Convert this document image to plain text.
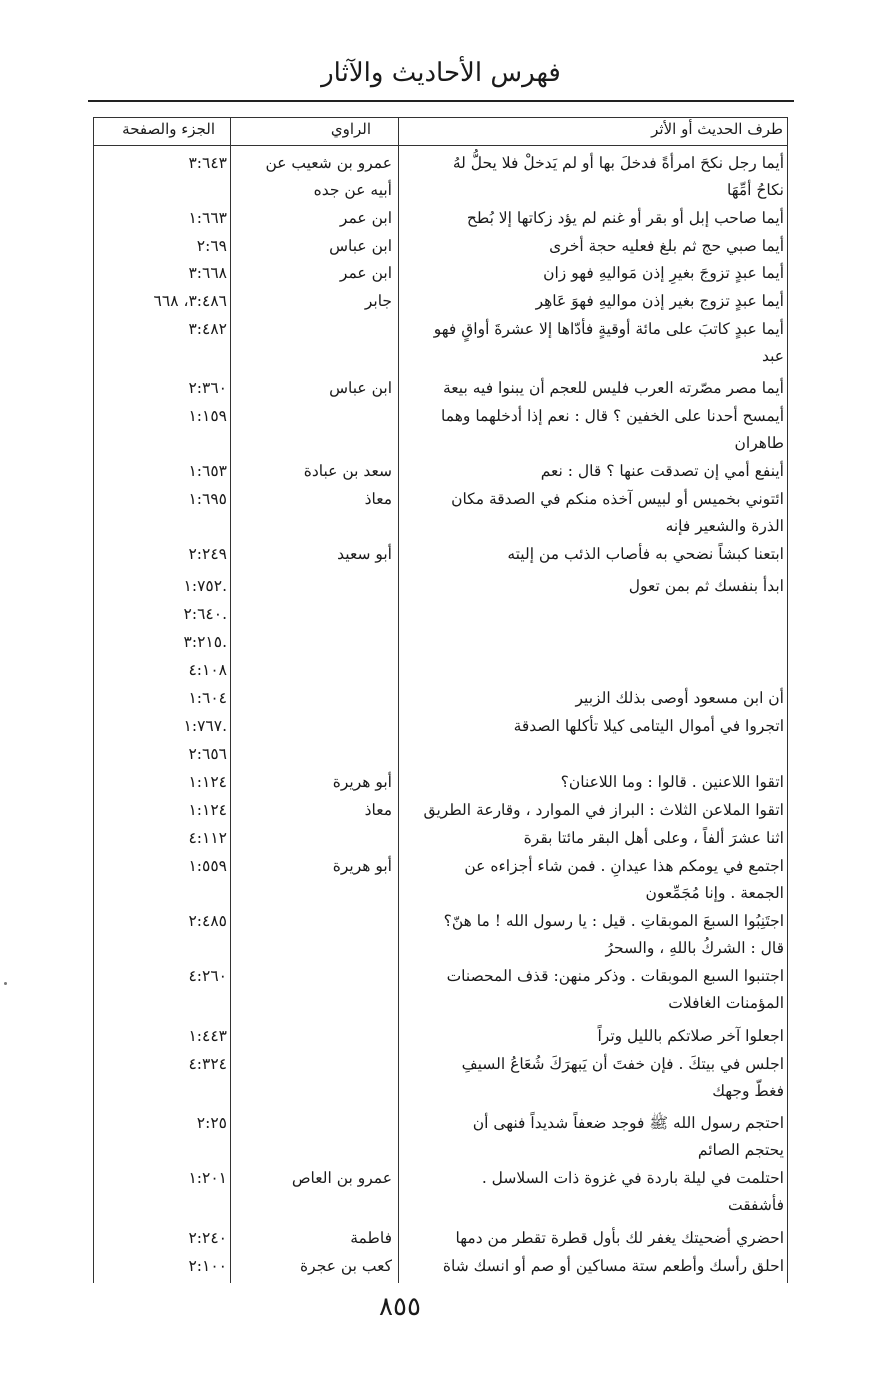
فهرس الأحاديث والآثار
طرف الحديث أو الأثر
الراوي
الجزء والصفحة
أيما رجل نكحَ امرأةً فدخلَ بها أو لم يَدخلْ فلا يحلُّ لهُ
نكاحُ أمِّهَا
عمرو بن شعيب عن
أبيه عن جده
٣:٦٤٣
أيما صاحب إبل أو بقر أو غنم لم يؤد زكاتها إلا بُطح
ابن عمر
١:٦٦٣
أيما صبي حج ثم بلغ فعليه حجة أخرى
ابن عباس
٢:٦٩
أيما عبدٍ تزوجَ بغيرِ إذن مَواليهِ فهو زان
ابن عمر
٣:٦٦٨
أيما عبدٍ تزوج بغير إذن مواليهِ فهوَ عَاهِر
جابر
٣:٤٨٦، ٦٦٨
أيما عبدٍ كاتبَ على مائة أوقيةٍ فأدّاها إلا عشرةَ أواقٍ فهو
عبد
٣:٤٨٢
أيما مصر مصّرته العرب فليس للعجم أن يبنوا فيه بيعة
ابن عباس
٢:٣٦٠
أيمسح أحدنا على الخفين ؟ قال : نعم إذا أدخلهما وهما
طاهران
١:١٥٩
أينفع أمي إن تصدقت عنها ؟ قال : نعم
سعد بن عبادة
١:٦٥٣
ائتوني بخميس أو لبيس آخذه منكم في الصدقة مكان
الذرة والشعير فإنه
معاذ
١:٦٩٥
ابتعنا كبشاً نضحي به فأصاب الذئب من إليته
أبو سعيد
٢:٢٤٩
ابدأ بنفسك ثم بمن تعول
١:٧٥٢.
٢:٦٤٠.
٣:٢١٥.
٤:١٠٨
أن ابن مسعود أوصى بذلك الزبير
١:٦٠٤
اتجروا في أموال اليتامى كيلا تأكلها الصدقة
١:٧٦٧.
٢:٦٥٦
اتقوا اللاعنين . قالوا : وما اللاعنان؟
أبو هريرة
١:١٢٤
اتقوا الملاعن الثلاث : البراز في الموارد ، وقارعة الطريق
معاذ
١:١٢٤
اثنا عشرَ ألفاً ، وعلى أهل البقر مائتا بقرة
٤:١١٢
اجتمع في يومكم هذا عيدانِ . فمن شاء أجزاءه عن
الجمعة . وإنا مُجَمِّعون
أبو هريرة
١:٥٥٩
اجتَنِبُوا السبعَ الموبقاتِ . قيل : يا رسول الله ! ما هنّ؟
قال : الشركُ باللهِ ، والسحرُ
٢:٤٨٥
اجتنبوا السبع الموبقات . وذكر منهن: قذف المحصنات
المؤمنات الغافلات
٤:٢٦٠
اجعلوا آخر صلاتكم بالليل وتراً
١:٤٤٣
اجلس في بيتكَ . فإن خفتَ أن يَبهرَكَ شُعَاعُ السيفِ
فغطّ وجهك
٤:٣٢٤
احتجم رسول الله ﷺ فوجد ضعفاً شديداً فنهى أن
يحتجم الصائم
٢:٢٥
احتلمت في ليلة باردة في غزوة ذات السلاسل .
فأشفقت
عمرو بن العاص
١:٢٠١
احضري أضحيتك يغفر لك بأول قطرة تقطر من دمها
فاطمة
٢:٢٤٠
احلق رأسك وأطعم ستة مساكين أو صم أو انسك شاة
كعب بن عجرة
٢:١٠٠
٨٥٥
